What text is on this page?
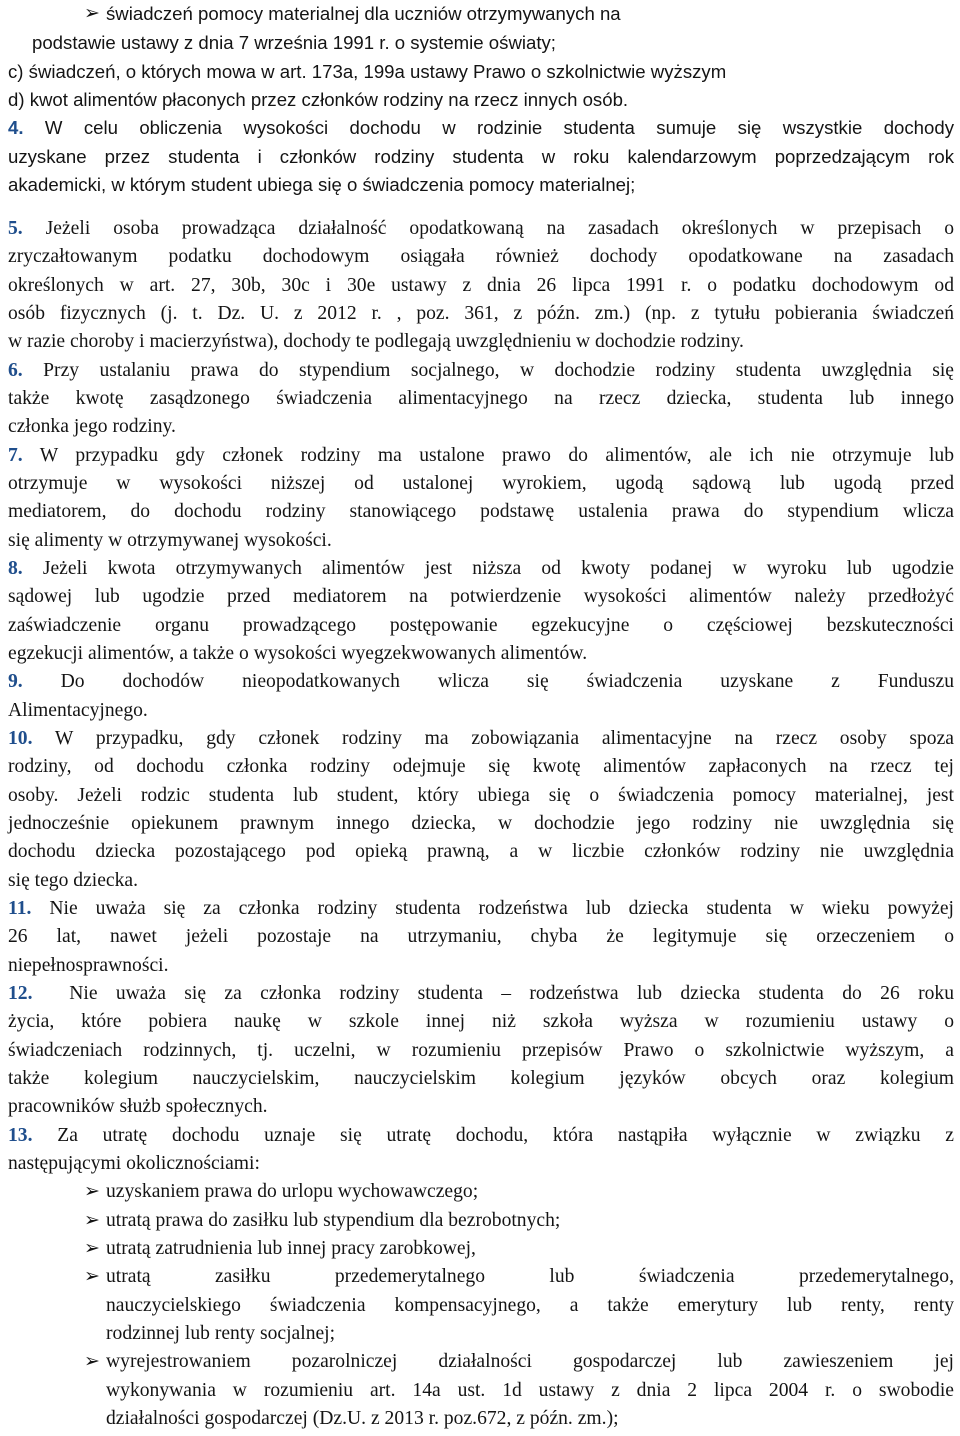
➢ świadczeń pomocy materialnej dla uczniów otrzymywanych na
podstawie ustawy z dnia 7 września 1991 r. o systemie oświaty;
c) świadczeń, o których mowa w art. 173a, 199a ustawy Prawo o szkolnictwie wyższym
d) kwot alimentów płaconych przez członków rodziny na rzecz innych osób.
4. W celu obliczenia wysokości dochodu w rodzinie studenta sumuje się wszystkie dochody
uzyskane przez studenta i członków rodziny studenta w roku kalendarzowym poprzedzającym rok
akademicki, w którym student ubiega się o świadczenia pomocy materialnej;
5. Jeżeli osoba prowadząca działalność opodatkowaną na zasadach określonych w przepisach o
zryczałtowanym podatku dochodowym osiągała również dochody opodatkowane na zasadach
określonych w art. 27, 30b, 30c i 30e ustawy z dnia 26 lipca 1991 r. o podatku dochodowym od
osób fizycznych (j. t. Dz. U. z 2012 r. , poz. 361, z późn. zm.) (np. z tytułu pobierania świadczeń
w razie choroby i macierzyństwa), dochody te podlegają uwzględnieniu w dochodzie rodziny.
6. Przy ustalaniu prawa do stypendium socjalnego, w dochodzie rodziny studenta uwzględnia się
także kwotę zasądzonego świadczenia alimentacyjnego na rzecz dziecka, studenta lub innego
członka jego rodziny.
7. W przypadku gdy członek rodziny ma ustalone prawo do alimentów, ale ich nie otrzymuje lub
otrzymuje w wysokości niższej od ustalonej wyrokiem, ugodą sądową lub ugodą przed
mediatorem, do dochodu rodziny stanowiącego podstawę ustalenia prawa do stypendium wlicza
się alimenty w otrzymywanej wysokości.
8. Jeżeli kwota otrzymywanych alimentów jest niższa od kwoty podanej w wyroku lub ugodzie
sądowej lub ugodzie przed mediatorem na potwierdzenie wysokości alimentów należy przedłożyć
zaświadczenie organu prowadzącego postępowanie egzekucyjne o częściowej bezskuteczności
egzekucji alimentów, a także o wysokości wyegzekwowanych alimentów.
9. Do dochodów nieopodatkowanych wlicza się świadczenia uzyskane z Funduszu
Alimentacyjnego.
10. W przypadku, gdy członek rodziny ma zobowiązania alimentacyjne na rzecz osoby spoza
rodziny, od dochodu członka rodziny odejmuje się kwotę alimentów zapłaconych na rzecz tej
osoby. Jeżeli rodzic studenta lub student, który ubiega się o świadczenia pomocy materialnej, jest
jednocześnie opiekunem prawnym innego dziecka, w dochodzie jego rodziny nie uwzględnia się
dochodu dziecka pozostającego pod opieką prawną, a w liczbie członków rodziny nie uwzględnia
się tego dziecka.
11. Nie uważa się za członka rodziny studenta rodzeństwa lub dziecka studenta w wieku powyżej
26 lat, nawet jeżeli pozostaje na utrzymaniu, chyba że legitymuje się orzeczeniem o
niepełnosprawności.
12. Nie uważa się za członka rodziny studenta – rodzeństwa lub dziecka studenta do 26 roku
życia, które pobiera naukę w szkole innej niż szkoła wyższa w rozumieniu ustawy o
świadczeniach rodzinnych, tj. uczelni, w rozumieniu przepisów Prawo o szkolnictwie wyższym, a
także kolegium nauczycielskim, nauczycielskim kolegium języków obcych oraz kolegium
pracowników służb społecznych.
13. Za utratę dochodu uznaje się utratę dochodu, która nastąpiła wyłącznie w związku z
następującymi okolicznościami:
➢ uzyskaniem prawa do urlopu wychowawczego;
➢ utratą prawa do zasiłku lub stypendium dla bezrobotnych;
➢ utratą zatrudnienia lub innej pracy zarobkowej,
➢ utratą zasiłku przedemerytalnego lub świadczenia przedemerytalnego,
nauczycielskiego świadczenia kompensacyjnego, a także emerytury lub renty, renty
rodzinnej lub renty socjalnej;
➢ wyrejestrowaniem pozarolniczej działalności gospodarczej lub zawieszeniem jej
wykonywania w rozumieniu art. 14a ust. 1d ustawy z dnia 2 lipca 2004 r. o swobodie
działalności gospodarczej (Dz.U. z 2013 r. poz.672, z późn. zm.);
